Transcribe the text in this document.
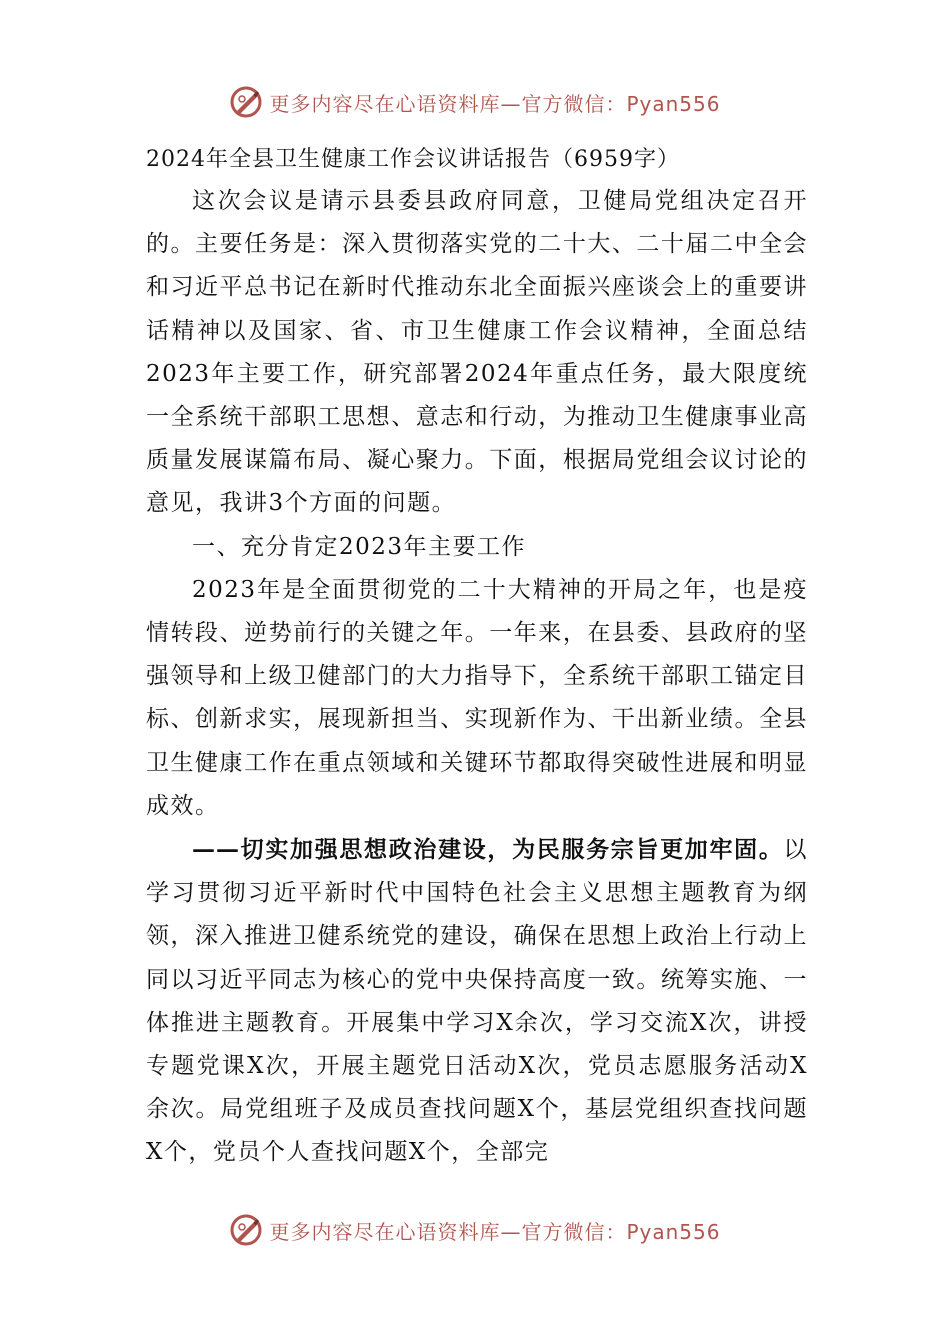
更多内容尽在心语资料库—官方微信：Pyan556
2024年全县卫生健康工作会议讲话报告（6959字）

这次会议是请示县委县政府同意，卫健局党组决定召开的。主要任务是：深入贯彻落实党的二十大、二十届二中全会和习近平总书记在新时代推动东北全面振兴座谈会上的重要讲话精神以及国家、省、市卫生健康工作会议精神，全面总结2023年主要工作，研究部署2024年重点任务，最大限度统一全系统干部职工思想、意志和行动，为推动卫生健康事业高质量发展谋篇布局、凝心聚力。下面，根据局党组会议讨论的意见，我讲3个方面的问题。

一、充分肯定2023年主要工作

2023年是全面贯彻党的二十大精神的开局之年，也是疫情转段、逆势前行的关键之年。一年来，在县委、县政府的坚强领导和上级卫健部门的大力指导下，全系统干部职工锚定目标、创新求实，展现新担当、实现新作为、干出新业绩。全县卫生健康工作在重点领域和关键环节都取得突破性进展和明显成效。

——切实加强思想政治建设，为民服务宗旨更加牢固。以学习贯彻习近平新时代中国特色社会主义思想主题教育为纲领，深入推进卫健系统党的建设，确保在思想上政治上行动上同以习近平同志为核心的党中央保持高度一致。统筹实施、一体推进主题教育。开展集中学习X余次，学习交流X次，讲授专题党课X次，开展主题党日活动X次，党员志愿服务活动X余次。局党组班子及成员查找问题X个，基层党组织查找问题X个，党员个人查找问题X个，全部完

更多内容尽在心语资料库—官方微信：Pyan556
